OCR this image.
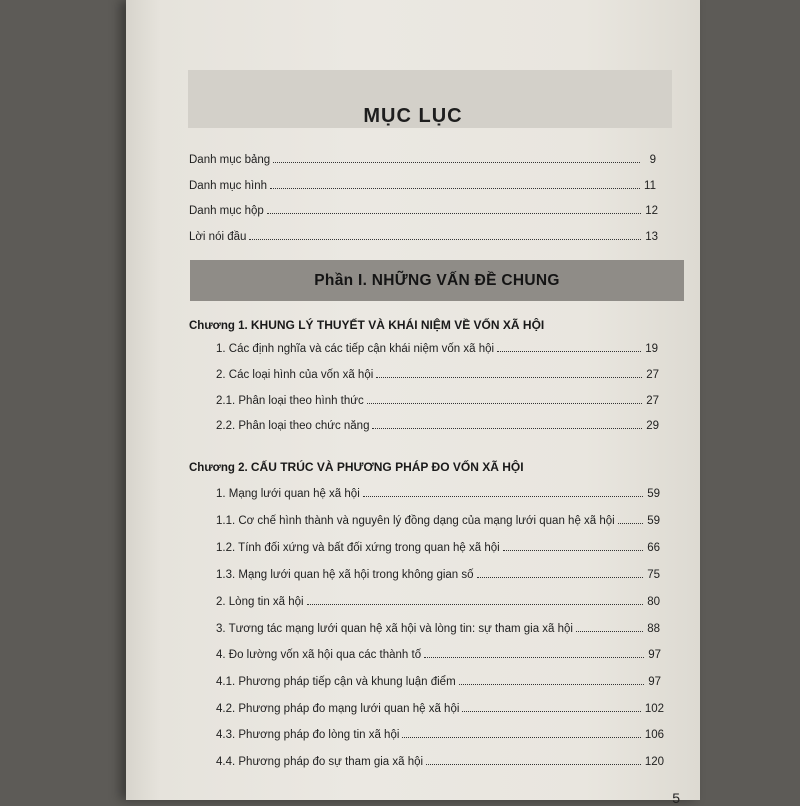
MỤC LỤC
Danh mục bảng	9
Danh mục hình	11
Danh mục hộp	12
Lời nói đầu	13
Phần I. NHỮNG VẤN ĐỀ CHUNG
Chương 1. KHUNG LÝ THUYẾT VÀ KHÁI NIỆM VỀ VỐN XÃ HỘI
1. Các định nghĩa và các tiếp cận khái niệm vốn xã hội	19
2. Các loại hình của vốn xã hội	27
2.1. Phân loại theo hình thức	27
2.2. Phân loại theo chức năng	29
Chương 2. CẤU TRÚC VÀ PHƯƠNG PHÁP ĐO VỐN XÃ HỘI
1. Mạng lưới quan hệ xã hội	59
1.1. Cơ chế hình thành và nguyên lý đồng dạng của mạng lưới quan hệ xã hội	59
1.2. Tính đối xứng và bất đối xứng trong quan hệ xã hội	66
1.3. Mạng lưới quan hệ xã hội trong không gian số	75
2. Lòng tin xã hội	80
3. Tương tác mạng lưới quan hệ xã hội và lòng tin: sự tham gia xã hội	88
4. Đo lường vốn xã hội qua các thành tố	97
4.1. Phương pháp tiếp cận và khung luận điểm	97
4.2. Phương pháp đo mạng lưới quan hệ xã hội	102
4.3. Phương pháp đo lòng tin xã hội	106
4.4. Phương pháp đo sự tham gia xã hội	120
5
